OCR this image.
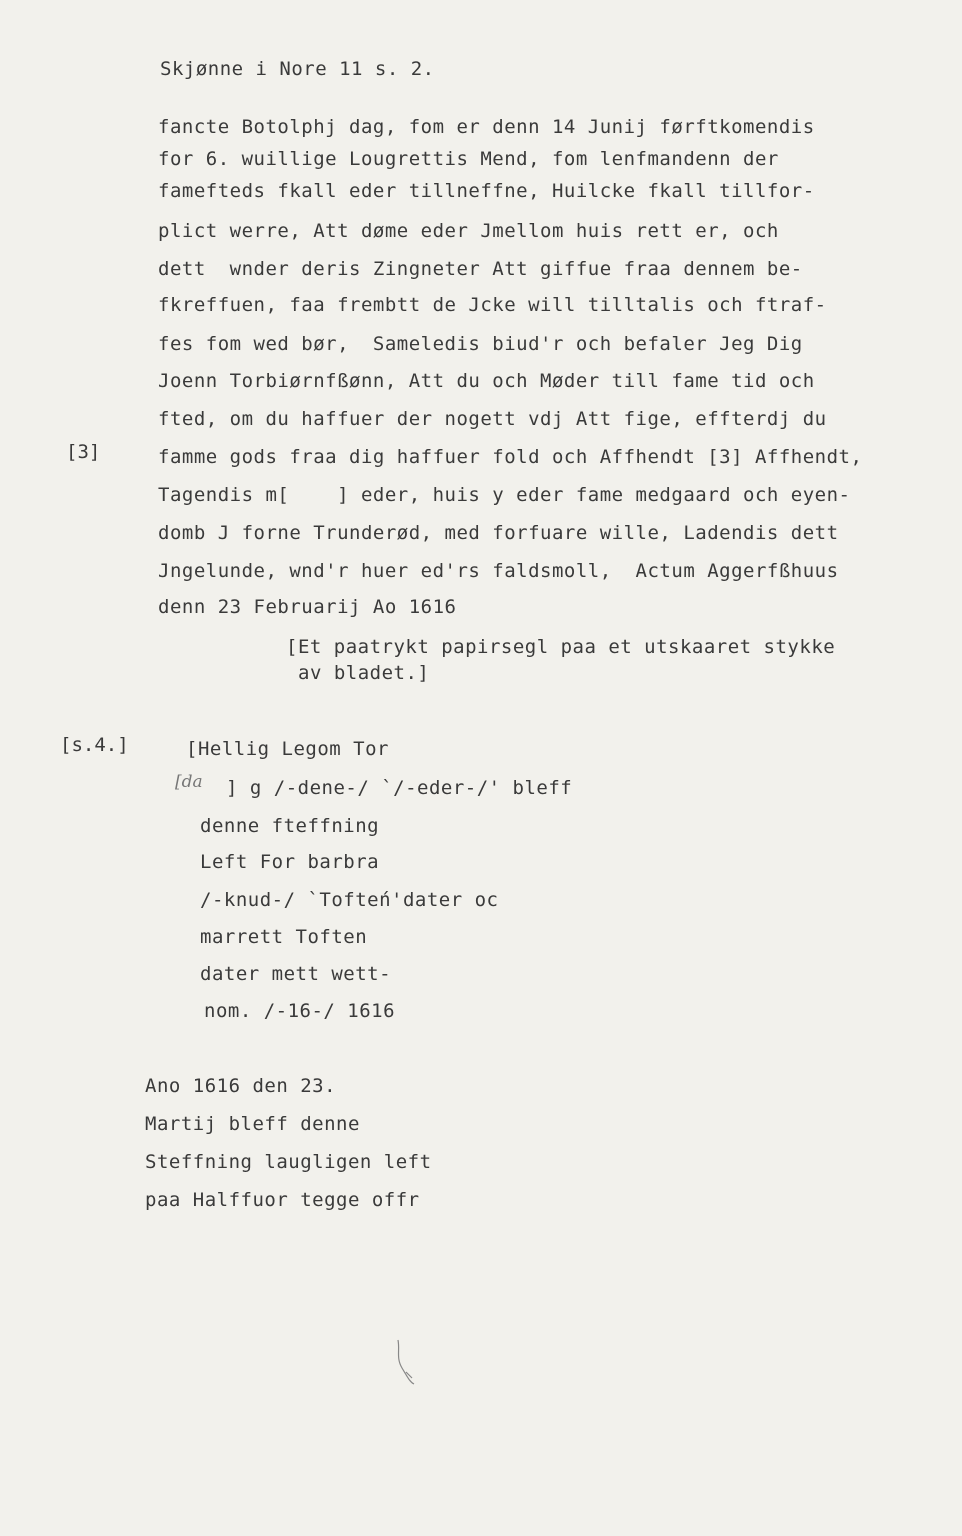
Skjønne i Nore 11 s. 2.
fancte Botolphj dag, fom er denn 14 Junij førftkomendis
for 6. wuillige Lougrettis Mend, fom lenfmandenn der
famefteds fkall eder tillneffne, Huilcke fkall tillfor-
plict werre, Att døme eder Jmellom huis rett er, och
dett  wnder deris Zingneter Att giffue fraa dennem be-
fkreffuen, faa frembtt de Jcke will tilltalis och ftraf-
fes fom wed bør,  Sameledis biud'r och befaler Jeg Dig
Joenn Torbiørnfßønn, Att du och Møder till fame tid och
fted, om du haffuer der nogett vdj Att fige, effterdj du
[3]	famme gods fraa dig haffuer fold och Affhendt [3] Affhendt,
Tagendis m[    ] eder, huis y eder fame medgaard och eyen-
domb J forne Trunderød, med forfuare wille, Ladendis dett
Jngelunde, wnd'r huer ed'rs faldsmoll,  Actum Aggerfßhuus
denn 23 Februarij Ao 1616
[Et paatrykt papirsegl paa et utskaaret stykke
av bladet.]
[s.4.]	[Hellig Legom Tor
[da ] g /-dene-/ `/-eder-/' bleff
denne fteffning
Left For barbra
/-knud-/ `Tofteń'dater oc
marrett Toften
dater mett wett-
nom. /-16-/ 1616
Ano 1616 den 23.
Martij bleff denne
Steffning laugligen left
paa Halffuor tegge offr
